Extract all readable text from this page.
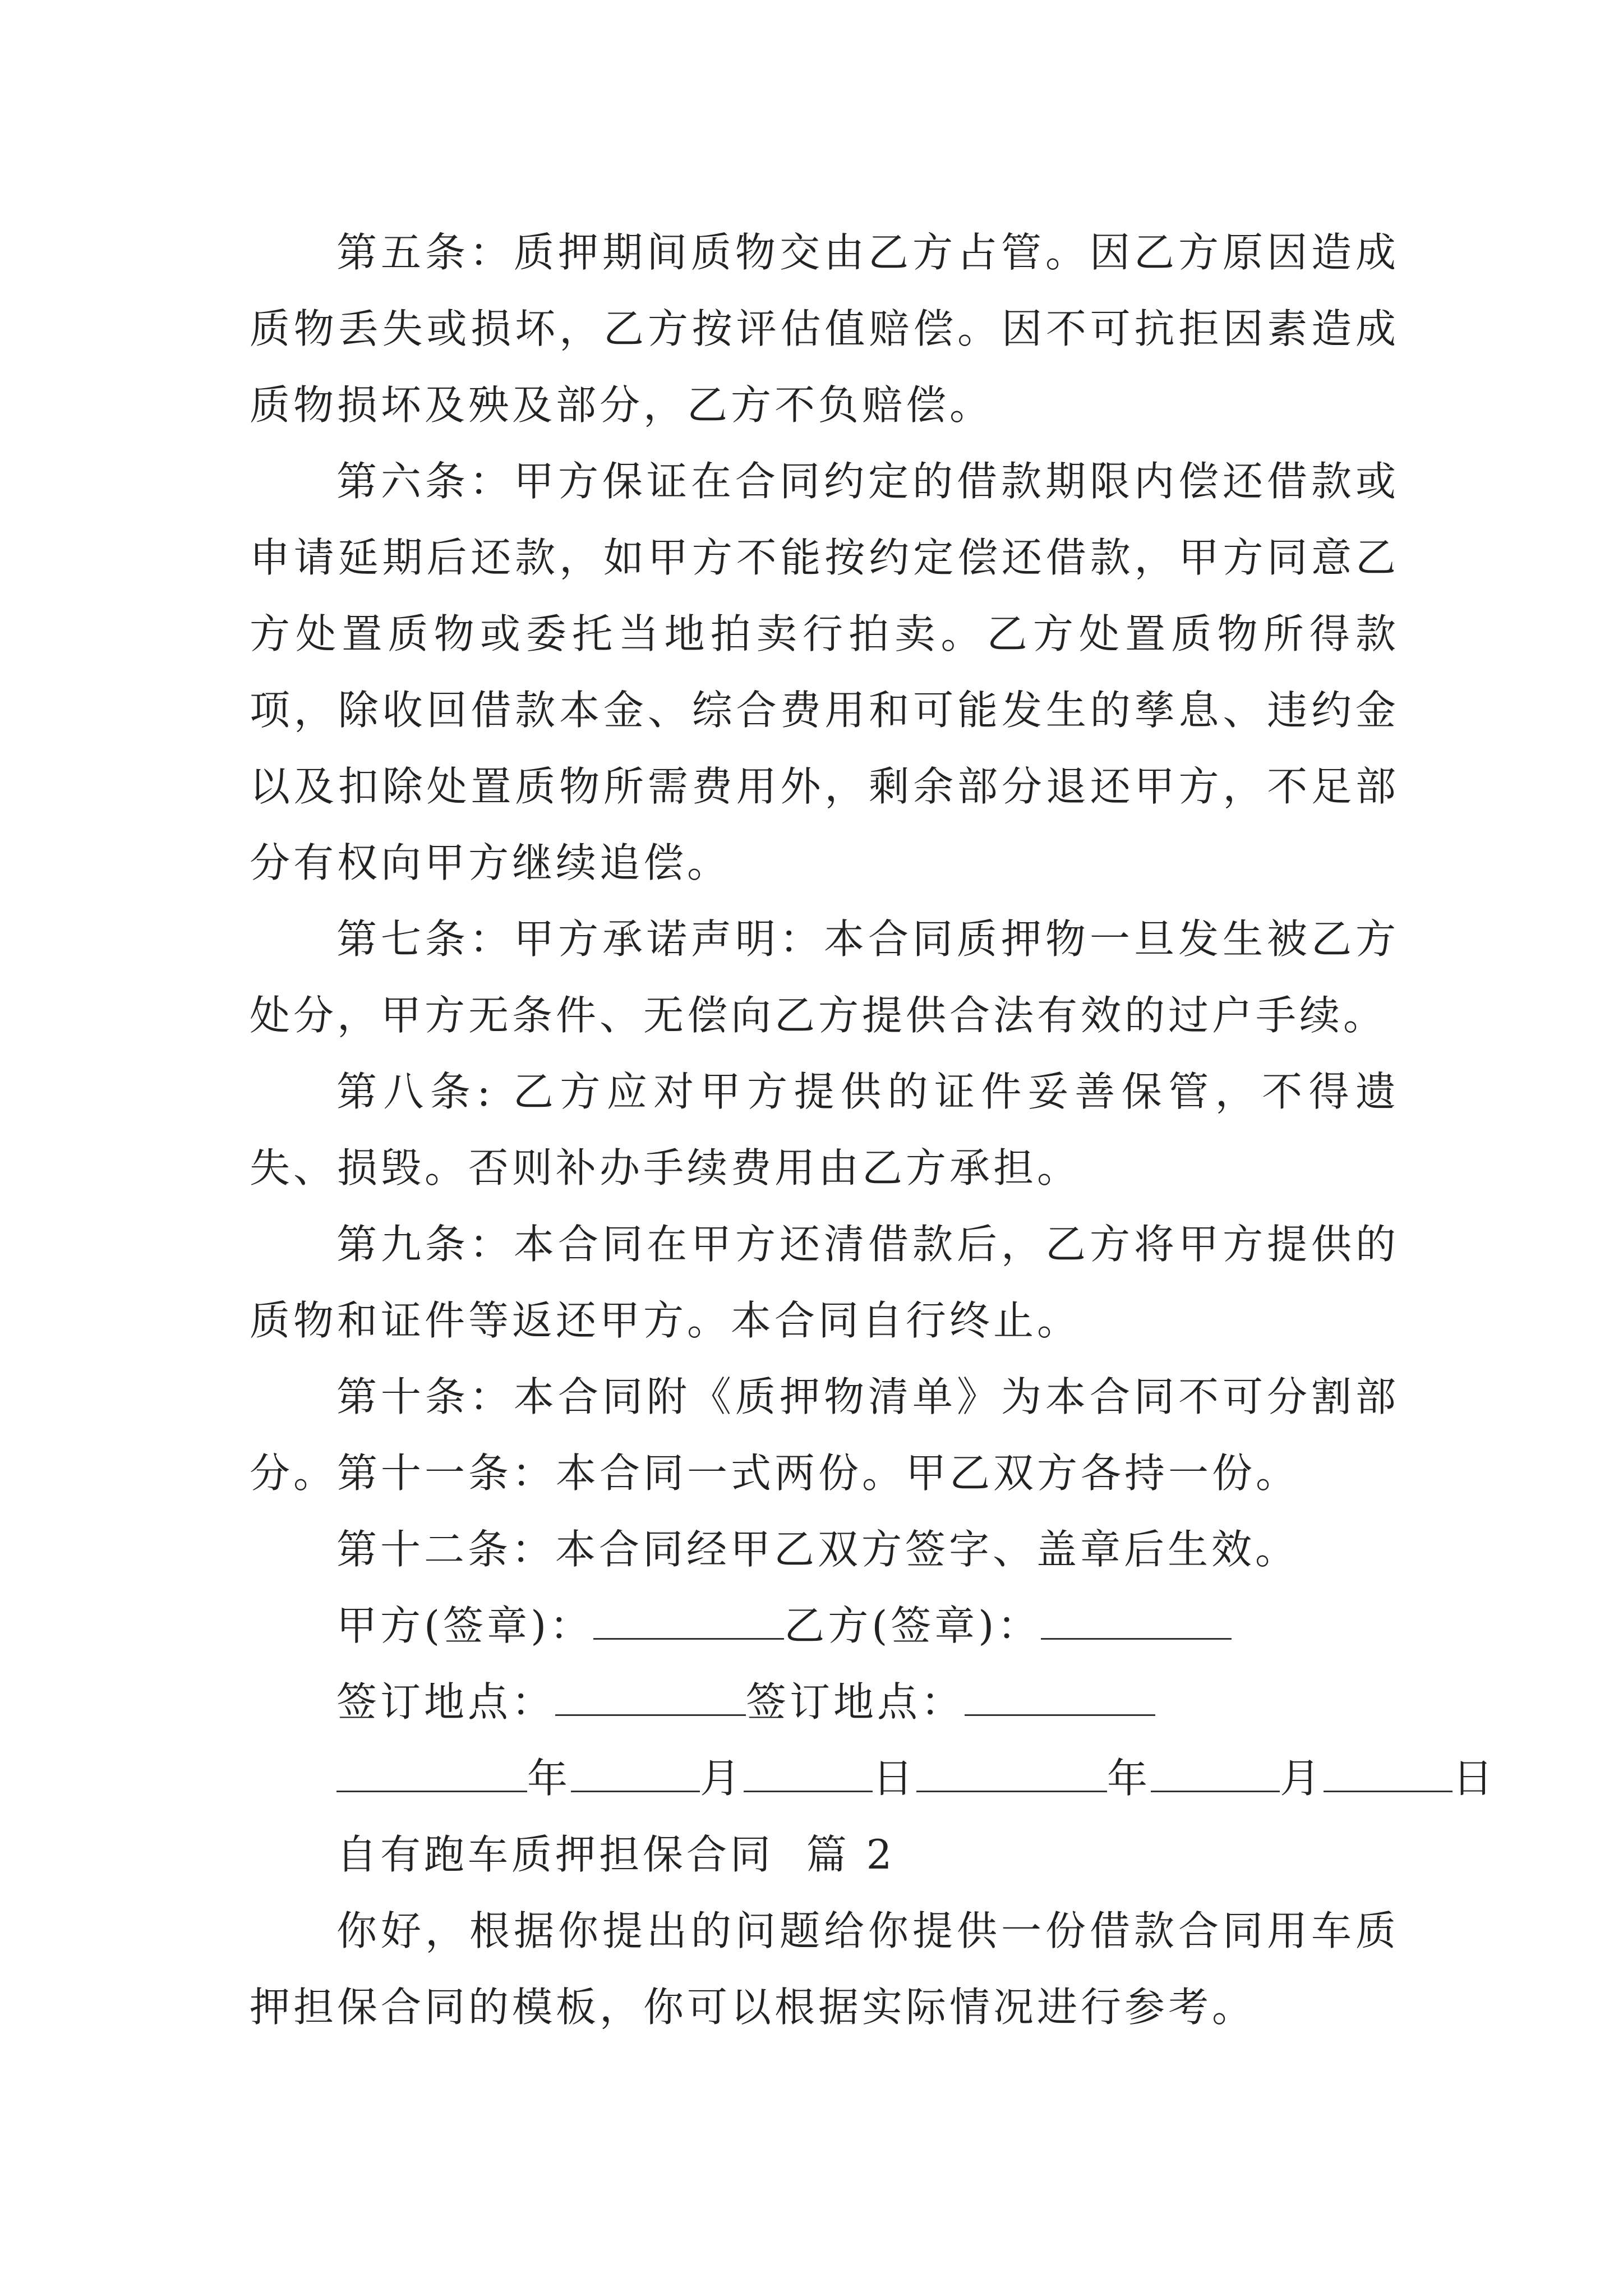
第五条：质押期间质物交由乙方占管。因乙方原因造成质物丢失或损坏，乙方按评估值赔偿。因不可抗拒因素造成质物损坏及殃及部分，乙方不负赔偿。

第六条：甲方保证在合同约定的借款期限内偿还借款或申请延期后还款，如甲方不能按约定偿还借款，甲方同意乙方处置质物或委托当地拍卖行拍卖。乙方处置质物所得款项，除收回借款本金、综合费用和可能发生的孳息、违约金以及扣除处置质物所需费用外，剩余部分退还甲方，不足部分有权向甲方继续追偿。

第七条：甲方承诺声明：本合同质押物一旦发生被乙方处分，甲方无条件、无偿向乙方提供合法有效的过户手续。

第八条: 乙方应对甲方提供的证件妥善保管，不得遗失、损毁。否则补办手续费用由乙方承担。

第九条：本合同在甲方还清借款后，乙方将甲方提供的质物和证件等返还甲方。本合同自行终止。

第十条：本合同附《质押物清单》为本合同不可分割部分。第十一条：本合同一式两份。甲乙双方各持一份。

第十二条：本合同经甲乙双方签字、盖章后生效。

甲方(签章)：	乙方(签章)：

签订地点：	签订地点：

年	月	日	年	月	日

自有跑车质押担保合同  篇 2

你好，根据你提出的问题给你提供一份借款合同用车质押担保合同的模板，你可以根据实际情况进行参考。
